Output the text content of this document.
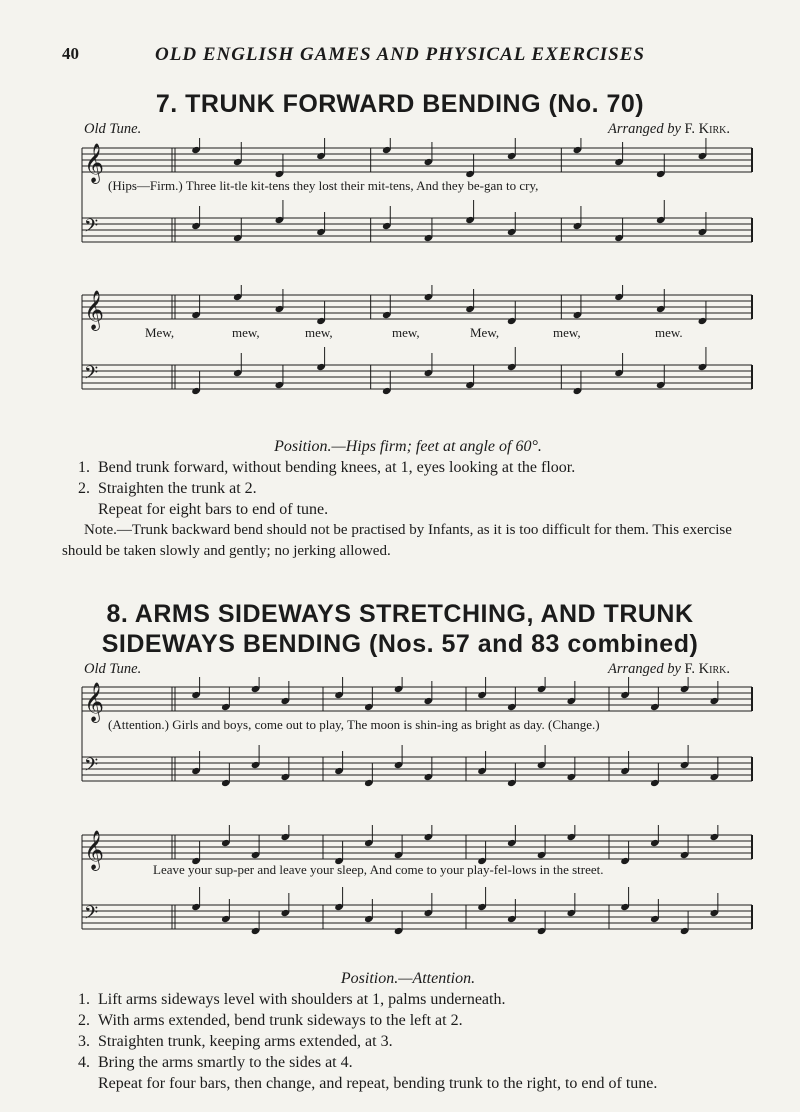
40	OLD ENGLISH GAMES AND PHYSICAL EXERCISES
7. TRUNK FORWARD BENDING (No. 70)
Old Tune.	Arranged by F. Kirk.
𝄞
𝄢
(Hips—Firm.) Three lit-tle kit-tens they lost their mit-tens, And they be-gan to cry,
𝄞
𝄢
Mew,	mew,	mew,	mew,	Mew,	mew,	mew.

Position.—Hips firm; feet at angle of 60°.

1. Bend trunk forward, without bending knees, at 1, eyes looking at the floor.
2. Straighten the trunk at 2.

Repeat for eight bars to end of tune.

Note.—Trunk backward bend should not be practised by Infants, as it is too difficult for them. This exercise should be taken slowly and gently; no jerking allowed.

8. ARMS SIDEWAYS STRETCHING, AND TRUNK
SIDEWAYS BENDING (Nos. 57 and 83 combined)
Old Tune.	Arranged by F. Kirk.
𝄞
𝄢
(Attention.) Girls and boys, come out to play, The moon is shin-ing as bright as day. (Change.)
𝄞
𝄢
Leave your sup-per and leave your sleep, And come to your play-fel-lows in the street.

Position.—Attention.

1. Lift arms sideways level with shoulders at 1, palms underneath.
2. With arms extended, bend trunk sideways to the left at 2.
3. Straighten trunk, keeping arms extended, at 3.
4. Bring the arms smartly to the sides at 4.

Repeat for four bars, then change, and repeat, bending trunk to the right, to end of tune.
